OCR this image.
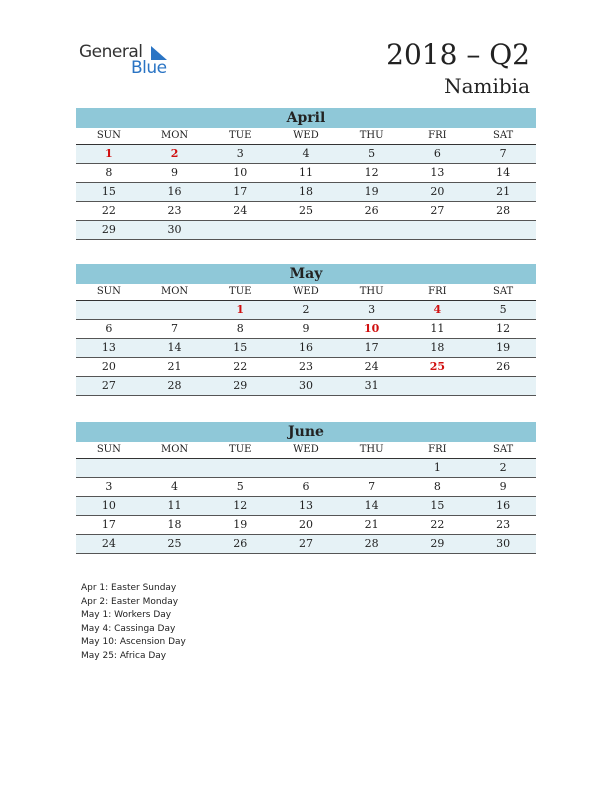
General
Blue	2018 – Q2
Namibia
April
SUN	MON	TUE	WED	THU	FRI	SAT
1	2	3	4	5	6	7
8	9	10	11	12	13	14
15	16	17	18	19	20	21
22	23	24	25	26	27	28
29	30					
May
SUN	MON	TUE	WED	THU	FRI	SAT
		1	2	3	4	5
6	7	8	9	10	11	12
13	14	15	16	17	18	19
20	21	22	23	24	25	26
27	28	29	30	31		
June
SUN	MON	TUE	WED	THU	FRI	SAT
					1	2
3	4	5	6	7	8	9
10	11	12	13	14	15	16
17	18	19	20	21	22	23
24	25	26	27	28	29	30
Apr 1: Easter Sunday
Apr 2: Easter Monday
May 1: Workers Day
May 4: Cassinga Day
May 10: Ascension Day
May 25: Africa Day
